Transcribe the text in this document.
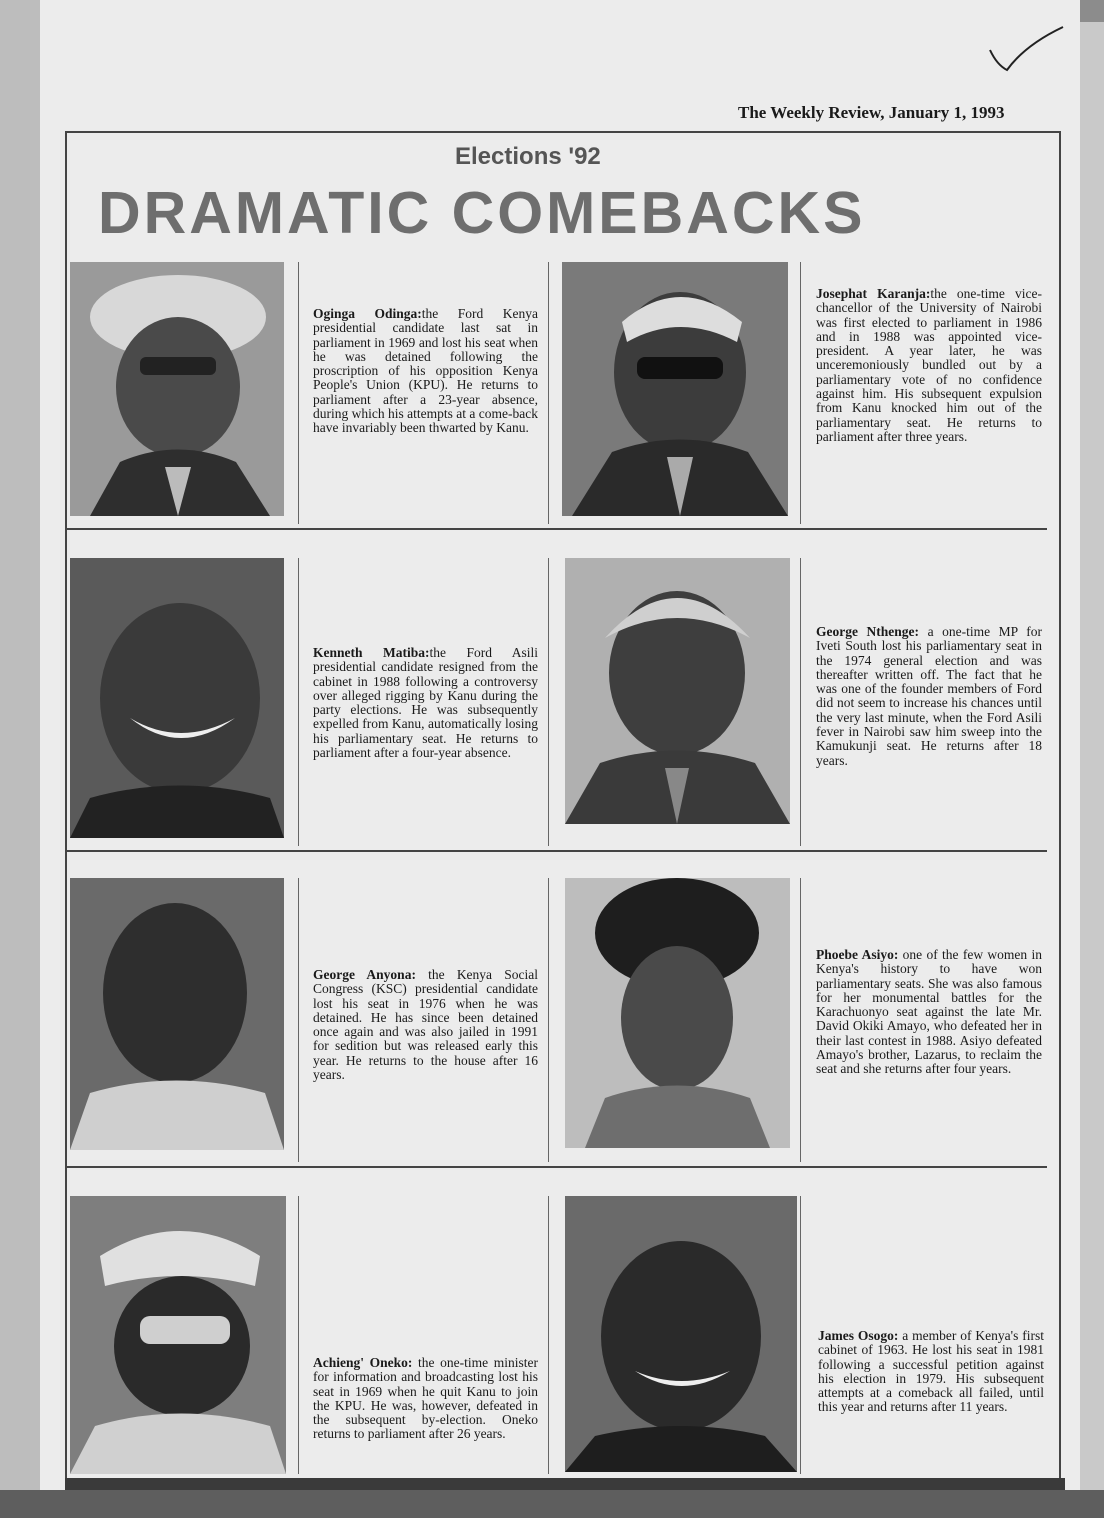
The Weekly Review, January 1, 1993
Elections '92
DRAMATIC COMEBACKS
Oginga Odinga:the Ford Kenya presidential candidate last sat in parliament in 1969 and lost his seat when he was detained following the proscription of his opposition Kenya People's Union (KPU). He returns to parliament after a 23-year absence, during which his attempts at a come-back have invariably been thwarted by Kanu.
Josephat Karanja:the one-time vice-chancellor of the University of Nairobi was first elected to parliament in 1986 and in 1988 was appointed vice-president. A year later, he was unceremoniously bundled out by a parliamentary vote of no confidence against him. His subsequent expulsion from Kanu knocked him out of the parliamentary seat. He returns to parliament after three years.
Kenneth Matiba:the Ford Asili presidential candidate resigned from the cabinet in 1988 following a controversy over alleged rigging by Kanu during the party elections. He was subsequently expelled from Kanu, automatically losing his parliamentary seat. He returns to parliament after a four-year absence.
George Nthenge: a one-time MP for Iveti South lost his parliamentary seat in the 1974 general election and was thereafter written off. The fact that he was one of the founder members of Ford did not seem to increase his chances until the very last minute, when the Ford Asili fever in Nairobi saw him sweep into the Kamukunji seat. He returns after 18 years.
George Anyona: the Kenya Social Congress (KSC) presidential candidate lost his seat in 1976 when he was detained. He has since been detained once again and was also jailed in 1991 for sedition but was released early this year. He returns to the house after 16 years.
Phoebe Asiyo: one of the few women in Kenya's history to have won parliamentary seats. She was also famous for her monumental battles for the Karachuonyo seat against the late Mr. David Okiki Amayo, who defeated her in their last contest in 1988. Asiyo defeated Amayo's brother, Lazarus, to reclaim the seat and she returns after four years.
Achieng' Oneko: the one-time minister for information and broadcasting lost his seat in 1969 when he quit Kanu to join the KPU. He was, however, defeated in the subsequent by-election. Oneko returns to parliament after 26 years.
James Osogo: a member of Kenya's first cabinet of 1963. He lost his seat in 1981 following a successful petition against his election in 1979. His subsequent attempts at a comeback all failed, until this year and returns after 11 years.
